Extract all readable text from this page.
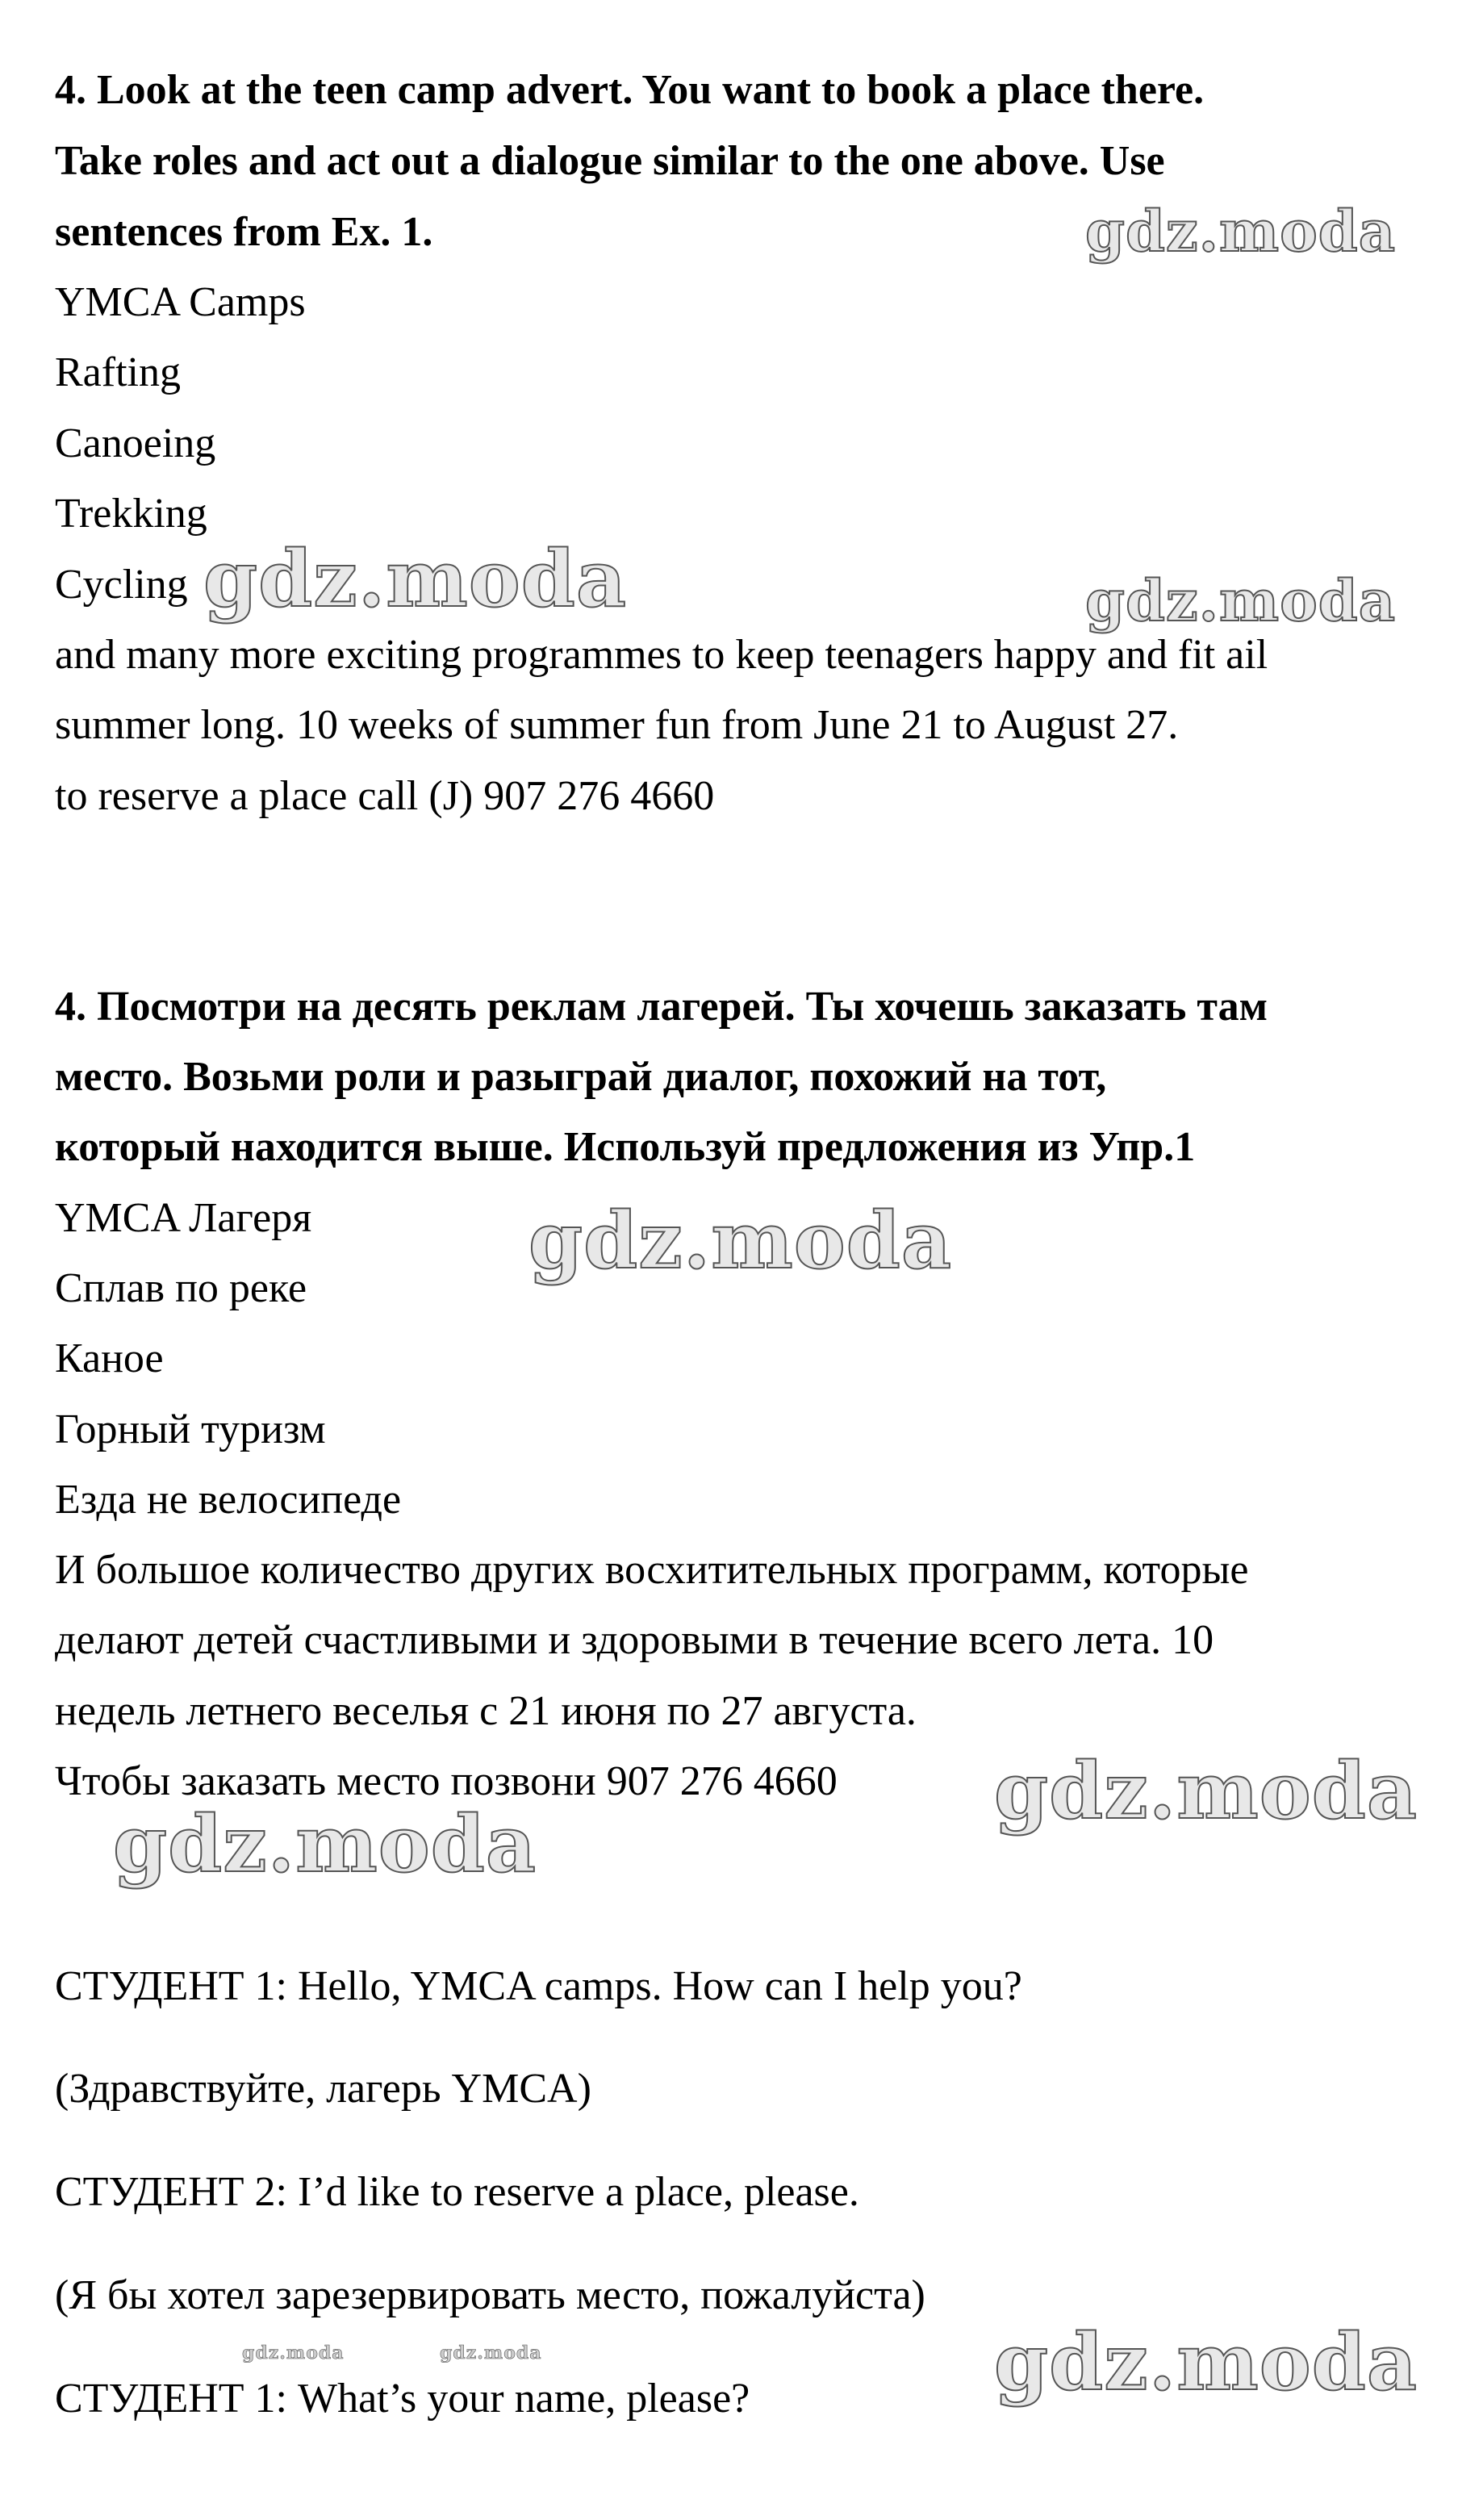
4. Look at the teen camp advert. You want to book a place there.
Take roles and act out a dialogue similar to the one above. Use
sentences from Ex. 1.
YMCA Camps
Rafting
Canoeing
Trekking
Cycling
and many more exciting programmes to keep teenagers happy and fit ail
summer long. 10 weeks of summer fun from June 21 to August 27.
to reserve a place call (J) 907 276 4660
4. Посмотри на десять реклам лагерей. Ты хочешь заказать там
место. Возьми роли и разыграй диалог, похожий на тот,
который находится выше. Используй предложения из Упр.1
YMCA Лагеря
Сплав по реке
Каное
Горный туризм
Езда не велосипеде
И большое количество других восхитительных программ, которые
делают детей счастливыми и здоровыми в течение всего лета. 10
недель летнего веселья с 21 июня по 27 августа.
Чтобы заказать место позвони 907 276 4660
СТУДЕНТ 1: Hello, YMCA camps. How can I help you?
(Здравствуйте, лагерь YMCA)
СТУДЕНТ 2: I’d like to reserve a place, please.
(Я бы хотел зарезервировать место, пожалуйста)
СТУДЕНТ 1: What’s your name, please?
gdz.moda
gdz.moda	gdz.moda
gdz.moda
gdz.moda
gdz.moda
gdz.moda	gdz.moda	gdz.moda
